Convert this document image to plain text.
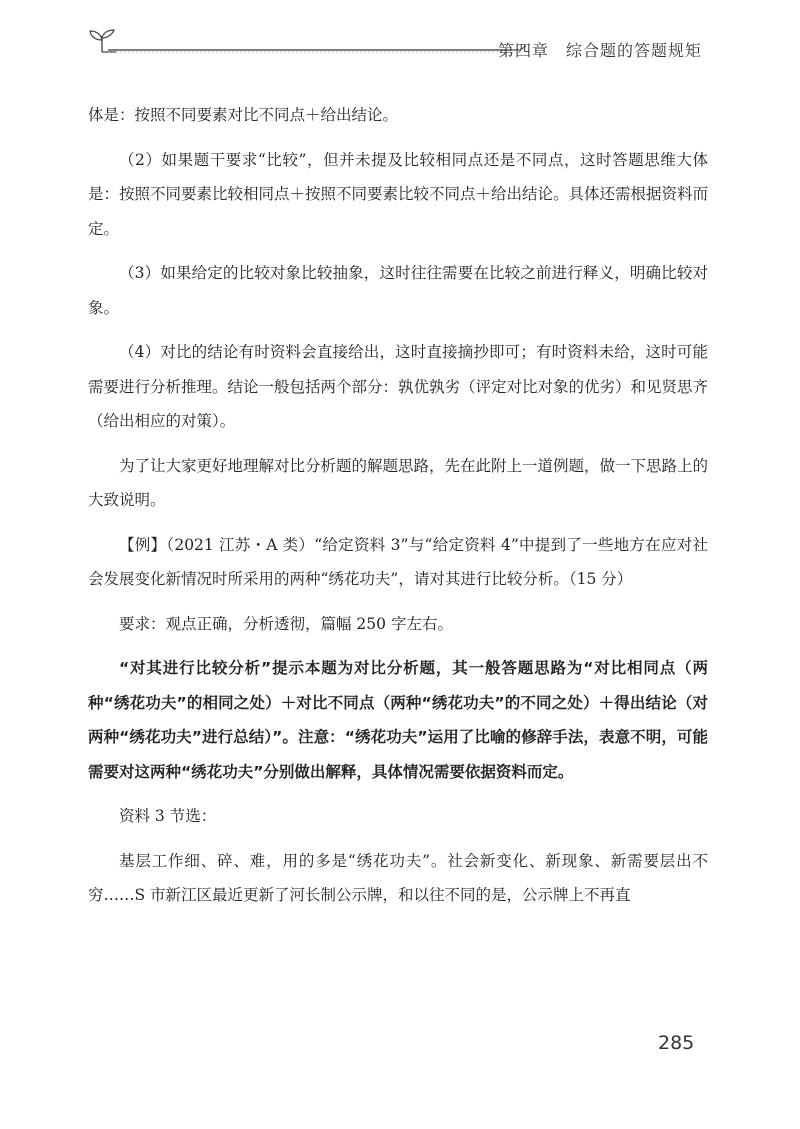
第四章　综合题的答题规矩

体是：按照不同要素对比不同点＋给出结论。

（2）如果题干要求“比较”，但并未提及比较相同点还是不同点，这时答题思维大体是：按照不同要素比较相同点＋按照不同要素比较不同点＋给出结论。具体还需根据资料而定。

（3）如果给定的比较对象比较抽象，这时往往需要在比较之前进行释义，明确比较对象。

（4）对比的结论有时资料会直接给出，这时直接摘抄即可；有时资料未给，这时可能需要进行分析推理。结论一般包括两个部分：孰优孰劣（评定对比对象的优劣）和见贤思齐（给出相应的对策）。

为了让大家更好地理解对比分析题的解题思路，先在此附上一道例题，做一下思路上的大致说明。

【例】（2021 江苏・A 类）“给定资料 3”与“给定资料 4”中提到了一些地方在应对社会发展变化新情况时所采用的两种“绣花功夫”，请对其进行比较分析。（15 分）

要求：观点正确，分析透彻，篇幅 250 字左右。

“对其进行比较分析”提示本题为对比分析题，其一般答题思路为“对比相同点（两种“绣花功夫”的相同之处）＋对比不同点（两种“绣花功夫”的不同之处）＋得出结论（对两种“绣花功夫”进行总结）”。注意：“绣花功夫”运用了比喻的修辞手法，表意不明，可能需要对这两种“绣花功夫”分别做出解释，具体情况需要依据资料而定。

资料 3 节选：

基层工作细、碎、难，用的多是“绣花功夫”。社会新变化、新现象、新需要层出不穷……S 市新江区最近更新了河长制公示牌，和以往不同的是，公示牌上不再直

285
